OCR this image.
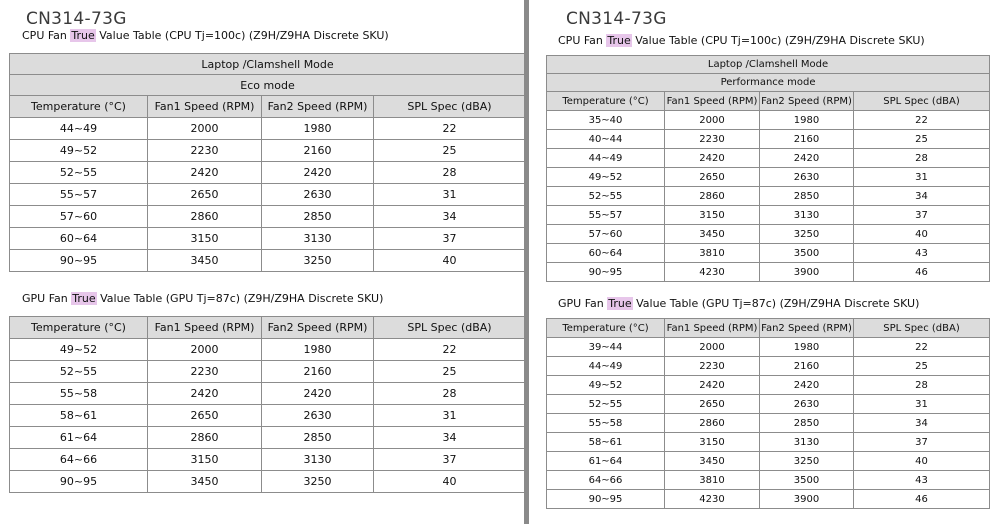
CN314-73G
CPU Fan True Value Table (CPU Tj=100c) (Z9H/Z9HA Discrete SKU)
Laptop /Clamshell Mode			
Eco mode			
Temperature (°C)	Fan1 Speed (RPM)	Fan2 Speed (RPM)	SPL Spec (dBA)
44~49	2000	1980	22
49~52	2230	2160	25
52~55	2420	2420	28
55~57	2650	2630	31
57~60	2860	2850	34
60~64	3150	3130	37
90~95	3450	3250	40
GPU Fan True Value Table (GPU Tj=87c) (Z9H/Z9HA Discrete SKU)
Temperature (°C)	Fan1 Speed (RPM)	Fan2 Speed (RPM)	SPL Spec (dBA)
49~52	2000	1980	22
52~55	2230	2160	25
55~58	2420	2420	28
58~61	2650	2630	31
61~64	2860	2850	34
64~66	3150	3130	37
90~95	3450	3250	40
CN314-73G
CPU Fan True Value Table (CPU Tj=100c) (Z9H/Z9HA Discrete SKU)
Laptop /Clamshell Mode			
Performance mode			
Temperature (°C)	Fan1 Speed (RPM)	Fan2 Speed (RPM)	SPL Spec (dBA)
35~40	2000	1980	22
40~44	2230	2160	25
44~49	2420	2420	28
49~52	2650	2630	31
52~55	2860	2850	34
55~57	3150	3130	37
57~60	3450	3250	40
60~64	3810	3500	43
90~95	4230	3900	46
GPU Fan True Value Table (GPU Tj=87c) (Z9H/Z9HA Discrete SKU)
Temperature (°C)	Fan1 Speed (RPM)	Fan2 Speed (RPM)	SPL Spec (dBA)
39~44	2000	1980	22
44~49	2230	2160	25
49~52	2420	2420	28
52~55	2650	2630	31
55~58	2860	2850	34
58~61	3150	3130	37
61~64	3450	3250	40
64~66	3810	3500	43
90~95	4230	3900	46
